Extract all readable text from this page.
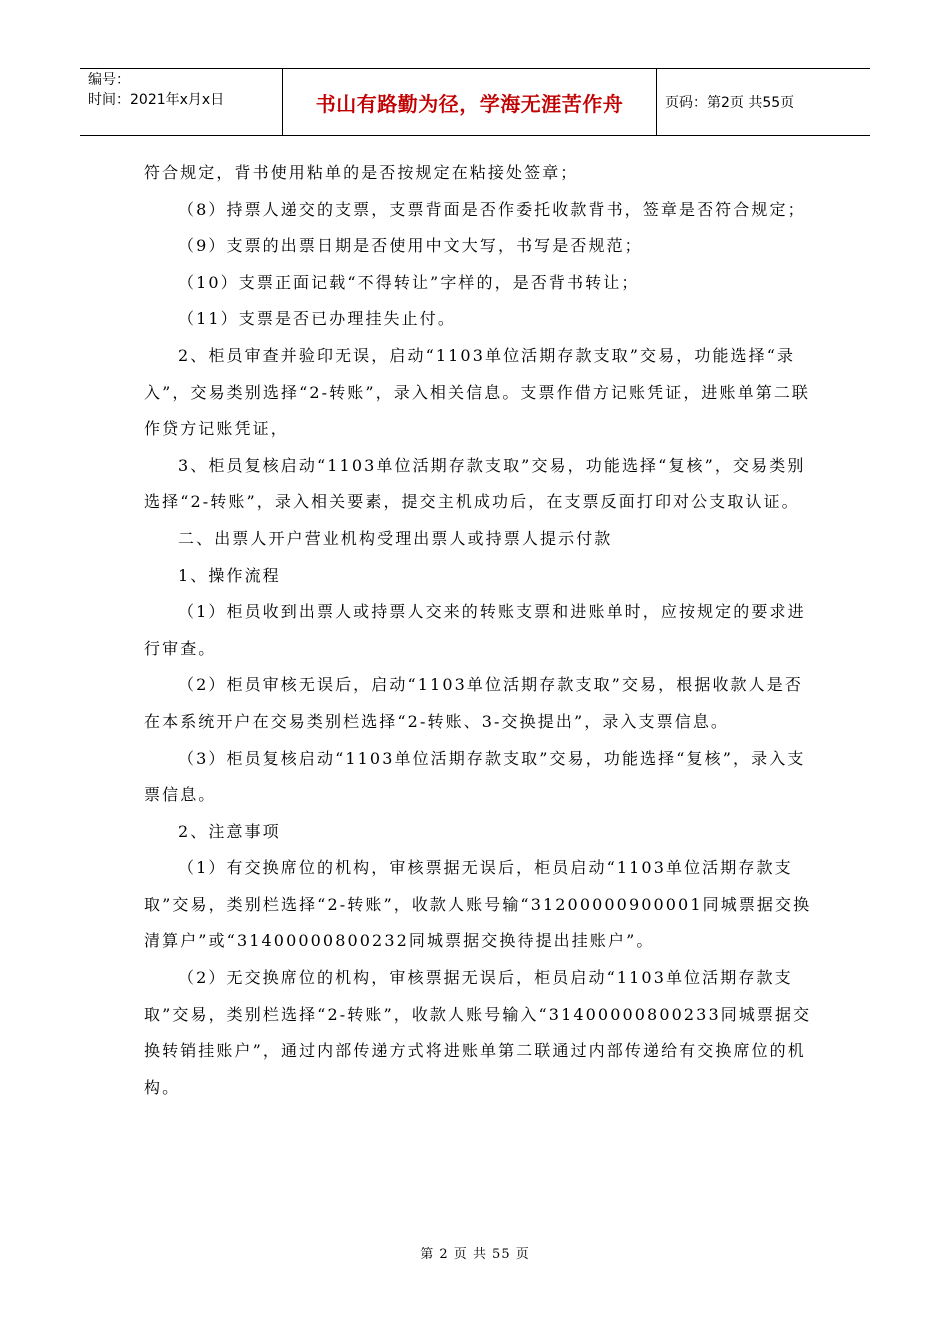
编号：
时间：2021年x月x日	书山有路勤为径，学海无涯苦作舟	页码：第2页 共55页

符合规定，背书使用粘单的是否按规定在粘接处签章；

（8）持票人递交的支票，支票背面是否作委托收款背书，签章是否符合规定；

（9）支票的出票日期是否使用中文大写，书写是否规范；

（10）支票正面记载“不得转让”字样的，是否背书转让；

（11）支票是否已办理挂失止付。

2、柜员审查并验印无误，启动“1103单位活期存款支取”交易，功能选择“录入”，交易类别选择“2-转账”，录入相关信息。支票作借方记账凭证，进账单第二联作贷方记账凭证，

3、柜员复核启动“1103单位活期存款支取”交易，功能选择“复核”，交易类别选择“2-转账”，录入相关要素，提交主机成功后，在支票反面打印对公支取认证。

二、出票人开户营业机构受理出票人或持票人提示付款

1、操作流程

（1）柜员收到出票人或持票人交来的转账支票和进账单时，应按规定的要求进行审查。

（2）柜员审核无误后，启动“1103单位活期存款支取”交易，根据收款人是否在本系统开户在交易类别栏选择“2-转账、3-交换提出”，录入支票信息。

（3）柜员复核启动“1103单位活期存款支取”交易，功能选择“复核”，录入支票信息。

2、注意事项

（1）有交换席位的机构，审核票据无误后，柜员启动“1103单位活期存款支取”交易，类别栏选择“2-转账”，收款人账号输“31200000900001同城票据交换清算户”或“31400000800232同城票据交换待提出挂账户”。

（2）无交换席位的机构，审核票据无误后，柜员启动“1103单位活期存款支取”交易，类别栏选择“2-转账”，收款人账号输入“31400000800233同城票据交换转销挂账户”，通过内部传递方式将进账单第二联通过内部传递给有交换席位的机构。

第 2 页 共 55 页
